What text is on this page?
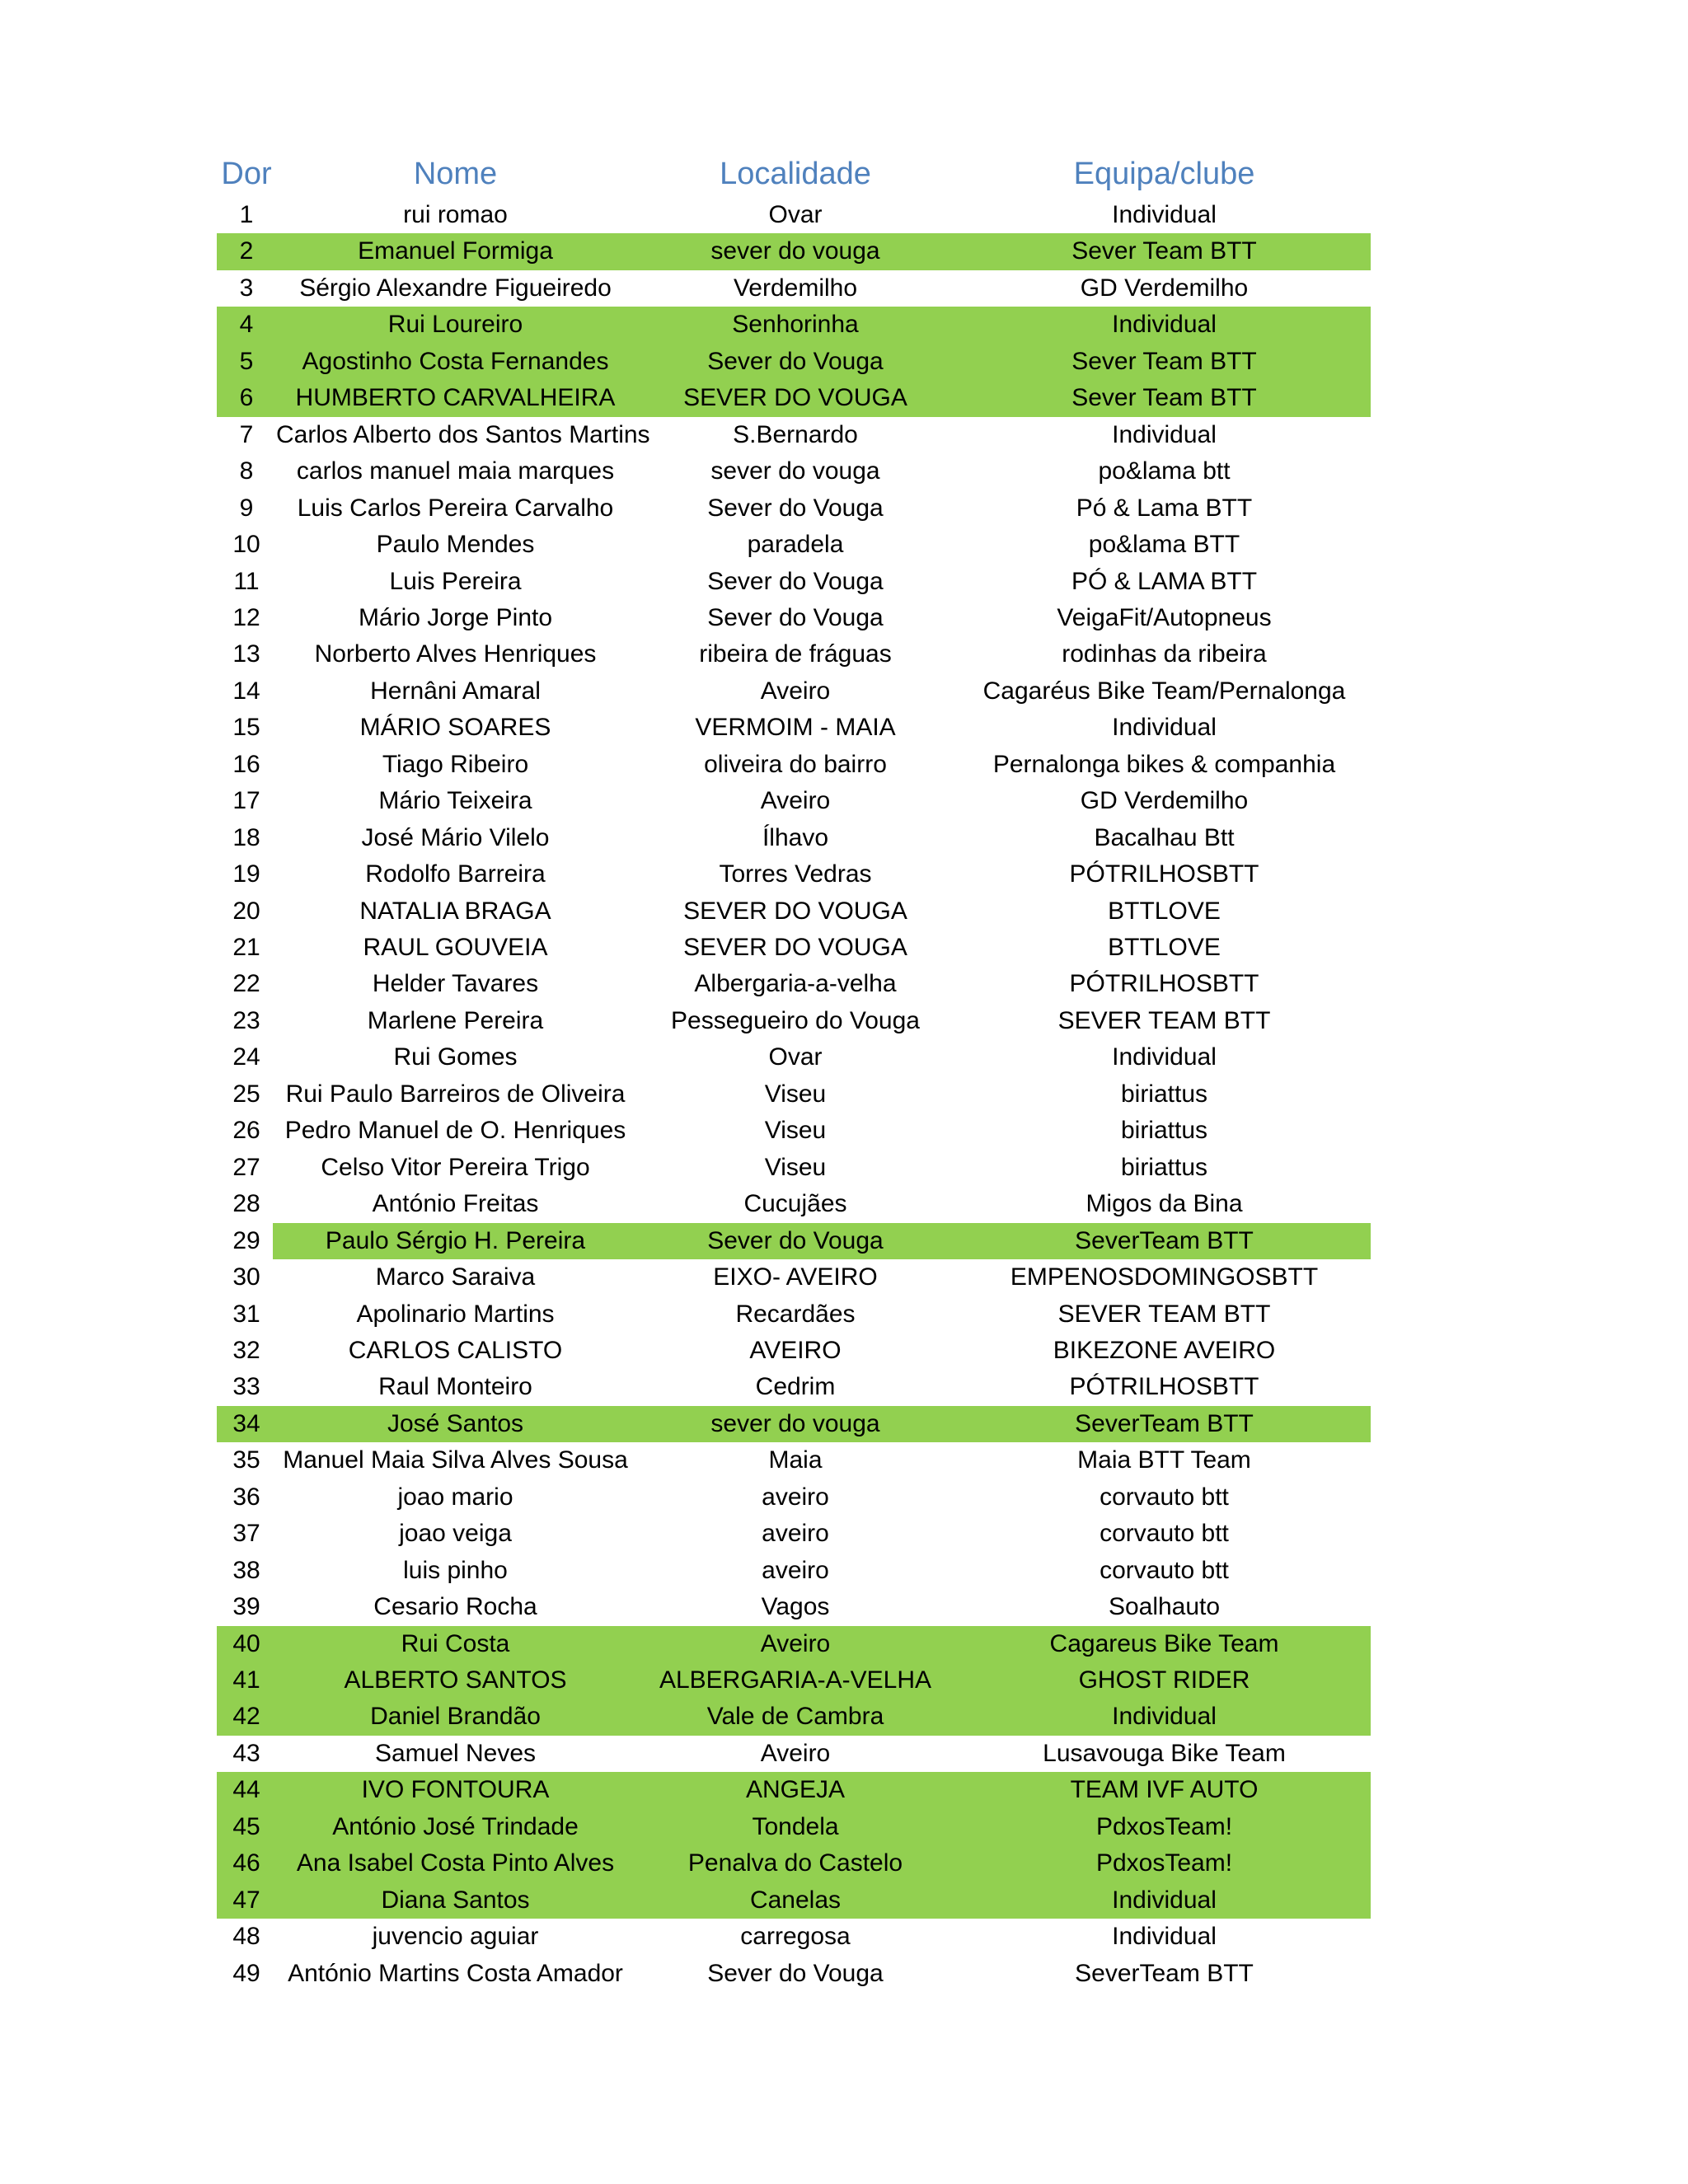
Dor	Nome	Localidade	Equipa/clube
1	rui romao	Ovar	Individual
2	Emanuel Formiga	sever do vouga	Sever Team BTT
3	Sérgio Alexandre Figueiredo	Verdemilho	GD Verdemilho
4	Rui Loureiro	Senhorinha	Individual
5	Agostinho Costa Fernandes	Sever do Vouga	Sever Team BTT
6	HUMBERTO CARVALHEIRA	SEVER DO VOUGA	Sever Team BTT
7 Carlos Alberto dos Santos Martins	S.Bernardo	Individual
8	carlos manuel maia marques	sever do vouga	po&lama btt
9	Luis Carlos Pereira Carvalho	Sever do Vouga	Pó & Lama BTT
10	Paulo Mendes	paradela	po&lama BTT
11	Luis Pereira	Sever do Vouga	PÓ & LAMA BTT
12	Mário Jorge Pinto	Sever do Vouga	VeigaFit/Autopneus
13	Norberto Alves Henriques	ribeira de fráguas	rodinhas da ribeira
14	Hernâni Amaral	Aveiro	Cagaréus Bike Team/Pernalonga
15	MÁRIO SOARES	VERMOIM - MAIA	Individual
16	Tiago Ribeiro	oliveira do bairro	Pernalonga bikes & companhia
17	Mário Teixeira	Aveiro	GD Verdemilho
18	José Mário Vilelo	Ílhavo	Bacalhau Btt
19	Rodolfo Barreira	Torres Vedras	PÓTRILHOSBTT
20	NATALIA BRAGA	SEVER DO VOUGA	BTTLOVE
21	RAUL GOUVEIA	SEVER DO VOUGA	BTTLOVE
22	Helder Tavares	Albergaria-a-velha	PÓTRILHOSBTT
23	Marlene Pereira	Pessegueiro do Vouga	SEVER TEAM BTT
24	Rui Gomes	Ovar	Individual
25	Rui Paulo Barreiros de Oliveira	Viseu	biriattus
26	Pedro Manuel de O. Henriques	Viseu	biriattus
27	Celso Vitor Pereira Trigo	Viseu	biriattus
28	António Freitas	Cucujães	Migos da Bina
29	Paulo Sérgio H. Pereira	Sever do Vouga	SeverTeam BTT
30	Marco Saraiva	EIXO- AVEIRO	EMPENOSDOMINGOSBTT
31	Apolinario Martins	Recardães	SEVER TEAM BTT
32	CARLOS CALISTO	AVEIRO	BIKEZONE AVEIRO
33	Raul Monteiro	Cedrim	PÓTRILHOSBTT
34	José Santos	sever do vouga	SeverTeam BTT
35 Manuel Maia Silva Alves Sousa	Maia	Maia BTT Team
36	joao mario	aveiro	corvauto btt
37	joao veiga	aveiro	corvauto btt
38	luis pinho	aveiro	corvauto btt
39	Cesario Rocha	Vagos	Soalhauto
40	Rui Costa	Aveiro	Cagareus Bike Team
41	ALBERTO SANTOS	ALBERGARIA-A-VELHA	GHOST RIDER
42	Daniel Brandão	Vale de Cambra	Individual
43	Samuel Neves	Aveiro	Lusavouga Bike Team
44	IVO FONTOURA	ANGEJA	TEAM IVF AUTO
45	António José Trindade	Tondela	PdxosTeam!
46	Ana Isabel Costa Pinto Alves	Penalva do Castelo	PdxosTeam!
47	Diana Santos	Canelas	Individual
48	juvencio aguiar	carregosa	Individual
49	António Martins Costa Amador	Sever do Vouga	SeverTeam BTT
